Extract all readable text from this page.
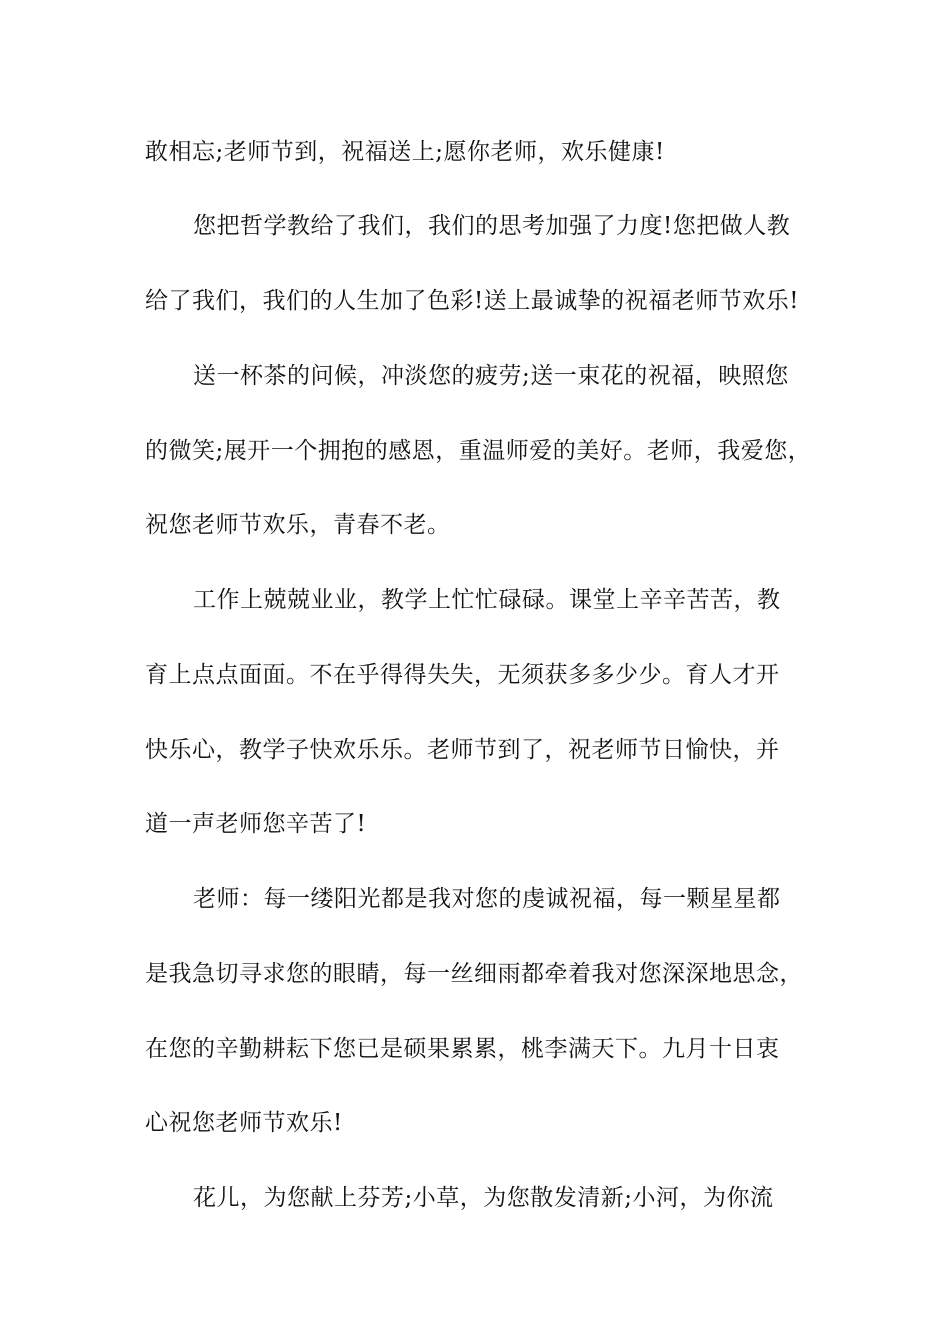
敢相忘;老师节到，祝福送上;愿你老师，欢乐健康!
您把哲学教给了我们，我们的思考加强了力度!您把做人教
给了我们，我们的人生加了色彩!送上最诚挚的祝福老师节欢乐!
送一杯茶的问候，冲淡您的疲劳;送一束花的祝福，映照您
的微笑;展开一个拥抱的感恩，重温师爱的美好。老师，我爱您，
祝您老师节欢乐，青春不老。
工作上兢兢业业，教学上忙忙碌碌。课堂上辛辛苦苦，教
育上点点面面。不在乎得得失失，无须获多多少少。育人才开
快乐心，教学子快欢乐乐。老师节到了，祝老师节日愉快，并
道一声老师您辛苦了!
老师：每一缕阳光都是我对您的虔诚祝福，每一颗星星都
是我急切寻求您的眼睛，每一丝细雨都牵着我对您深深地思念，
在您的辛勤耕耘下您已是硕果累累，桃李满天下。九月十日衷
心祝您老师节欢乐!
花儿，为您献上芬芳;小草，为您散发清新;小河，为你流
